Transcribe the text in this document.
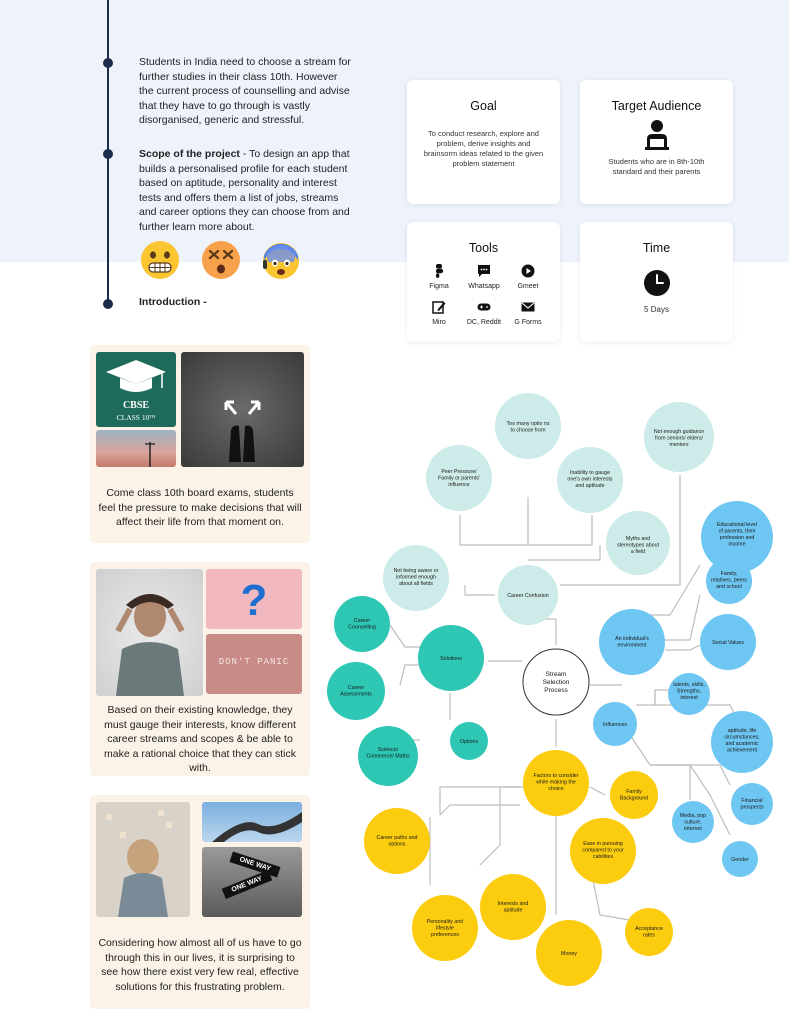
Students in India need to choose a stream for further studies in their class 10th. However the current process of counselling and advise that they have to go through is vastly disorganised, generic and stressful.
Scope of the project - To design an app that builds a personalised profile for each student based on aptitude, personality and interest tests and offers them a list of jobs, streams and career options they can choose from and further learn more about.
Introduction -
Goal
To conduct research, explore and problem, derive insights and brainsorm ideas related to the given problem statement
Target Audience
Students who are in 8th-10th standard and their parents
Tools
Figma	Whatsapp	Gmeet
Miro	DC, Reddit	G Forms
Time
5 Days
CBSE
CLASS 10ᵀᴴ
Come class 10th board exams, students feel the pressure to make decisions that will affect their life from that moment on.
?
DON'T PANIC
Based on their existing knowledge, they must gauge their interests, know different career streams and scopes & be able to make a rational choice that they can stick with.
ONE WAY
ONE WAY
Considering how almost all of us have to go through this in our lives, it is surprising to see how there exist very few real, effective solutions for this frustrating problem.
Stream Selection Process
Career Confusion
Too many optio ns to choose from	Not enough guidance from seniors/ elders/ mentors
Peer Pressure/ Family or parents' influence
Inability to gauge one's own interests and aptitude
Myths and stereotypes about a field
Not being aware or informed enough about all fields
Solutions
Career Counselling
Career Assessments
Options
Science/ Commerce/ Maths
An individual's environment
Educational level of parents, their profession and income
Family, relatives, peers and school
Social Values
Influences
talents, skills, Strengths, interest
aptitude, life circumstances, and academic achievement
Media, pop culture, internet
Financial prospects
Gender
Factors to consider while making the choice	Family Background
Career paths and options	Ease in pursuing compared to your cabilities
Interests and aptitude
Personality and lifestyle preferences
Money
Acceptance rates
